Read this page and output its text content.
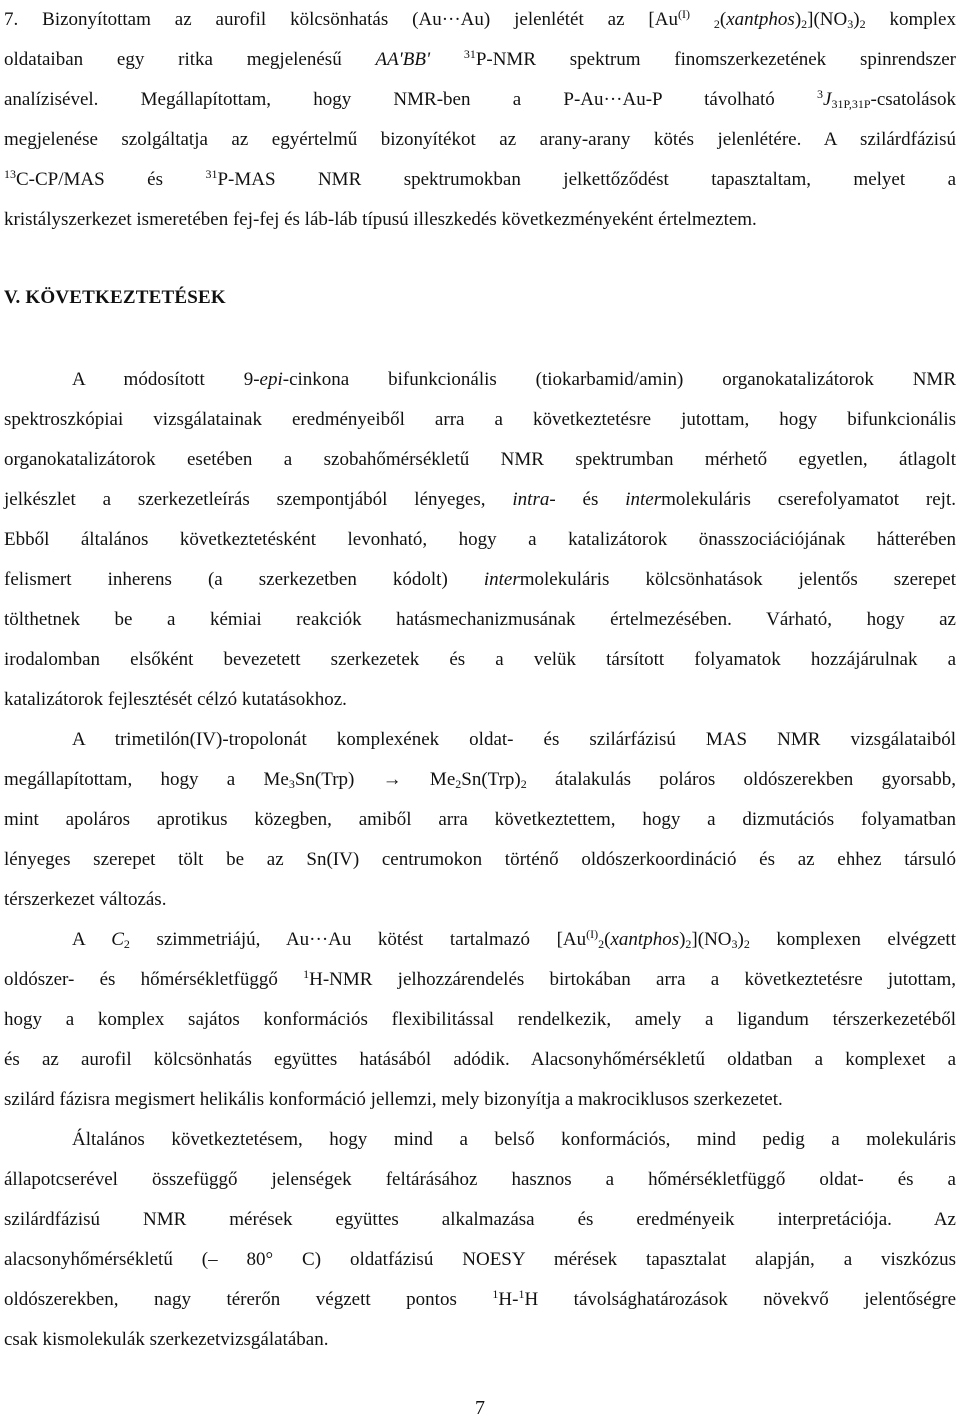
7. Bizonyítottam az aurofil kölcsönhatás (Au···Au) jelenlétét az [$Au^{(I)}$ $_2(xantphos)_2](NO_3)_2$ komplex
oldataiban egy ritka megjelenésű AA'BB'	$^{31}$P-NMR spektrum finomszerkezetének spinrendszer
analízisével. Megállapítottam, hogy NMR-ben a P-Au···Au-P távolható $^3$J31P,31P-csatolások
megjelenése szolgáltatja az egyértelmű bizonyítékot az arany-arany kötés jelenlétére. A szilárdfázisú
$^{13}$C-CP/MAS és $^{31}$P-MAS NMR spektrumokban jelkettőződést tapasztaltam, melyet a
kristályszerkezet ismeretében fej-fej és láb-láb típusú illeszkedés következményeként értelmeztem.
V. KÖVETKEZTETÉSEK
A módosított 9-epi-cinkona bifunkcionális (tiokarbamid/amin) organokatalizátorok NMR
spektroszkópiai vizsgálatainak eredményeiből arra a következtetésre jutottam, hogy bifunkcionális
organokatalizátorok esetében a szobahőmérsékletű NMR spektrumban mérhető egyetlen, átlagolt
jelkészlet a szerkezetleírás szempontjából lényeges, intra- és intermolekuláris cserefolyamatot rejt.
Ebből általános következtetésként levonható, hogy a katalizátorok önasszociációjának hátterében
felismert inherens (a szerkezetben kódolt) intermolekuláris kölcsönhatások jelentős szerepet
tölthetnek be a kémiai reakciók hatásmechanizmusának értelmezésében. Várható, hogy az
irodalomban elsőként bevezetett szerkezetek és a velük társított folyamatok hozzájárulnak a
katalizátorok fejlesztését célzó kutatásokhoz.
A trimetilón(IV)-tropolonát komplexének oldat- és szilárfázisú MAS NMR vizsgálataiból
megállapítottam, hogy a $Me_3Sn(Trp) \to Me_2Sn(Trp)_2$ átalakulás poláros oldószerekben gyorsabb,
mint apoláros aprotikus közegben, amiből arra következtettem, hogy a dizmutációs folyamatban
lényeges szerepet tölt be az Sn(IV) centrumokon történő oldószerkoordináció és az ehhez társuló
térszerkezet változás.
A $C_2$ szimmetriájú, Au···Au kötést tartalmazó $[Au^{(I)}_2(xantphos)_2](NO_3)_2$ komplexen elvégzett
oldószer- és hőmérsékletfüggő $^1$H-NMR jelhozzárendelés birtokában arra a következtetésre jutottam,
hogy a komplex sajátos konformációs flexibilitással rendelkezik, amely a ligandum térszerkezetéből
és az aurofil kölcsönhatás együttes hatásából adódik. Alacsonyhőmérsékletű oldatban a komplexet a
szilárd fázisra megismert helikális konformáció jellemzi, mely bizonyítja a makrociklusos szerkezetet.
Általános következtetésem, hogy mind a belső konformációs, mind pedig a molekuláris
állapotcserével összefüggő jelenségek feltárásához hasznos a hőmérsékletfüggő oldat- és a
szilárdfázisú NMR mérések együttes alkalmazása és eredményeik interpretációja. Az
alacsonyhőmérsékletű (– 80° C) oldatfázisú NOESY mérések tapasztalat alapján, a viszkózus
oldószerekben, nagy térerőn végzett pontos $^1$H-$^1$H távolsághatározások növekvő jelentőségre
csak kismolekulák szerkezetvizsgálatában.
7
